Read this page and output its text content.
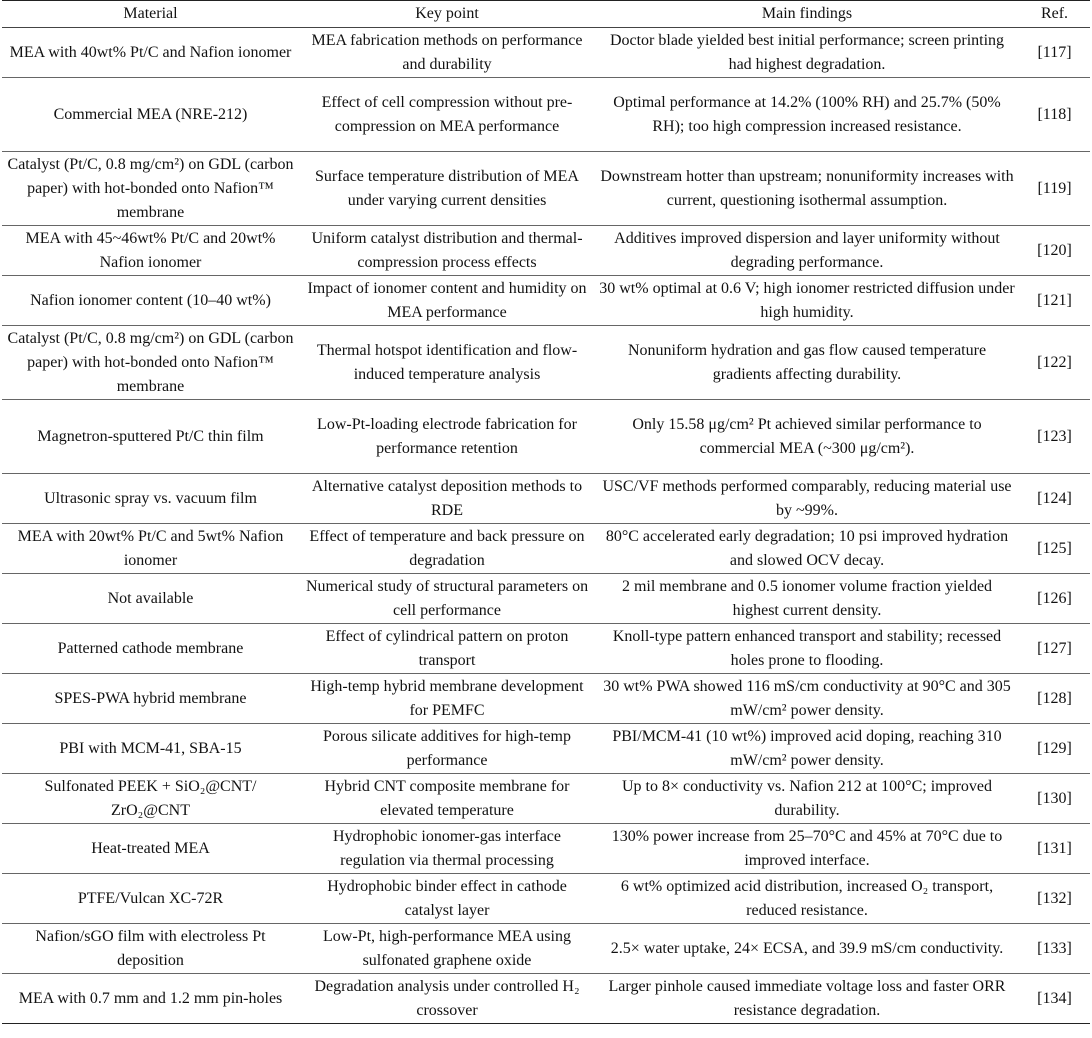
Material	Key point	Main findings	Ref.
MEA with 40wt% Pt/C and Nafion ionomer	MEA fabrication methods on performance and durability	Doctor blade yielded best initial performance; screen printing had highest degradation.	[117]
Commercial MEA (NRE-212)	Effect of cell compression without pre-compression on MEA performance	Optimal performance at 14.2% (100% RH) and 25.7% (50% RH); too high compression increased resistance.	[118]
Catalyst (Pt/C, 0.8 mg/cm²) on GDL (carbon paper) with hot-bonded onto Nafion™ membrane	Surface temperature distribution of MEA under varying current densities	Downstream hotter than upstream; nonuniformity increases with current, questioning isothermal assumption.	[119]
MEA with 45~46wt% Pt/C and 20wt% Nafion ionomer	Uniform catalyst distribution and thermal-compression process effects	Additives improved dispersion and layer uniformity without degrading performance.	[120]
Nafion ionomer content (10–40 wt%)	Impact of ionomer content and humidity on MEA performance	30 wt% optimal at 0.6 V; high ionomer restricted diffusion under high humidity.	[121]
Catalyst (Pt/C, 0.8 mg/cm²) on GDL (carbon paper) with hot-bonded onto Nafion™ membrane	Thermal hotspot identification and flow-induced temperature analysis	Nonuniform hydration and gas flow caused temperature gradients affecting durability.	[122]
Magnetron-sputtered Pt/C thin film	Low-Pt-loading electrode fabrication for performance retention	Only 15.58 μg/cm² Pt achieved similar performance to commercial MEA (~300 μg/cm²).	[123]
Ultrasonic spray vs. vacuum film	Alternative catalyst deposition methods to RDE	USC/VF methods performed comparably, reducing material use by ~99%.	[124]
MEA with 20wt% Pt/C and 5wt% Nafion ionomer	Effect of temperature and back pressure on degradation	80°C accelerated early degradation; 10 psi improved hydration and slowed OCV decay.	[125]
Not available	Numerical study of structural parameters on cell performance	2 mil membrane and 0.5 ionomer volume fraction yielded highest current density.	[126]
Patterned cathode membrane	Effect of cylindrical pattern on proton transport	Knoll-type pattern enhanced transport and stability; recessed holes prone to flooding.	[127]
SPES-PWA hybrid membrane	High-temp hybrid membrane development for PEMFC	30 wt% PWA showed 116 mS/cm conductivity at 90°C and 305 mW/cm² power density.	[128]
PBI with MCM-41, SBA-15	Porous silicate additives for high-temp performance	PBI/MCM-41 (10 wt%) improved acid doping, reaching 310 mW/cm² power density.	[129]
Sulfonated PEEK + SiO₂@CNT/ ZrO₂@CNT	Hybrid CNT composite membrane for elevated temperature	Up to 8× conductivity vs. Nafion 212 at 100°C; improved durability.	[130]
Heat-treated MEA	Hydrophobic ionomer-gas interface regulation via thermal processing	130% power increase from 25–70°C and 45% at 70°C due to improved interface.	[131]
PTFE/Vulcan XC-72R	Hydrophobic binder effect in cathode catalyst layer	6 wt% optimized acid distribution, increased O₂ transport, reduced resistance.	[132]
Nafion/sGO film with electroless Pt deposition	Low-Pt, high-performance MEA using sulfonated graphene oxide	2.5× water uptake, 24× ECSA, and 39.9 mS/cm conductivity.	[133]
MEA with 0.7 mm and 1.2 mm pin-holes	Degradation analysis under controlled H₂ crossover	Larger pinhole caused immediate voltage loss and faster ORR resistance degradation.	[134]
